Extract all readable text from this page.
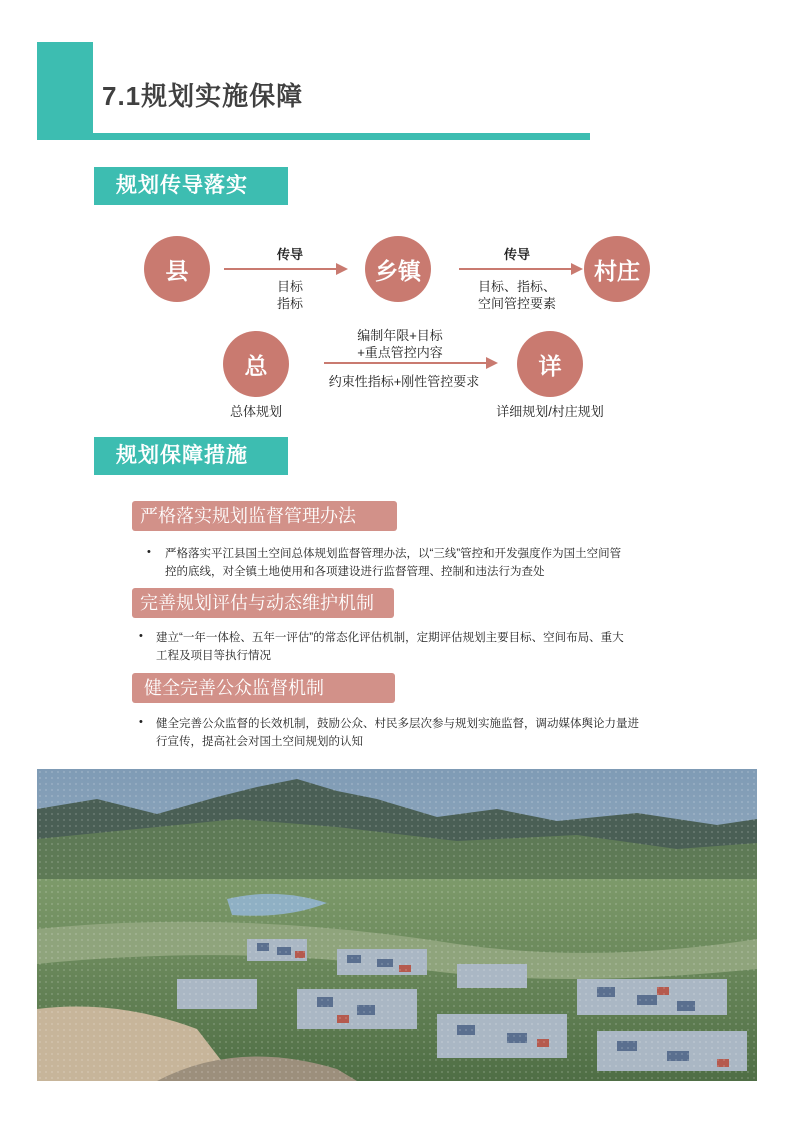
7.1规划实施保障
规划传导落实
县	乡镇	村庄
传导
目标
指标
传导
目标、指标、
空间管控要素
总
总体规划
详
详细规划/村庄规划
编制年限+目标
+重点管控内容
约束性指标+刚性管控要求
规划保障措施
严格落实规划监督管理办法
• 严格落实平江县国土空间总体规划监督管理办法，以“三线”管控和开发强度作为国土空间管
控的底线，对全镇土地使用和各项建设进行监督管理、控制和违法行为查处
完善规划评估与动态维护机制
• 建立“一年一体检、五年一评估”的常态化评估机制，定期评估规划主要目标、空间布局、重大
工程及项目等执行情况
健全完善公众监督机制
• 健全完善公众监督的长效机制，鼓励公众、村民多层次参与规划实施监督，调动媒体舆论力量进
行宣传，提高社会对国土空间规划的认知
